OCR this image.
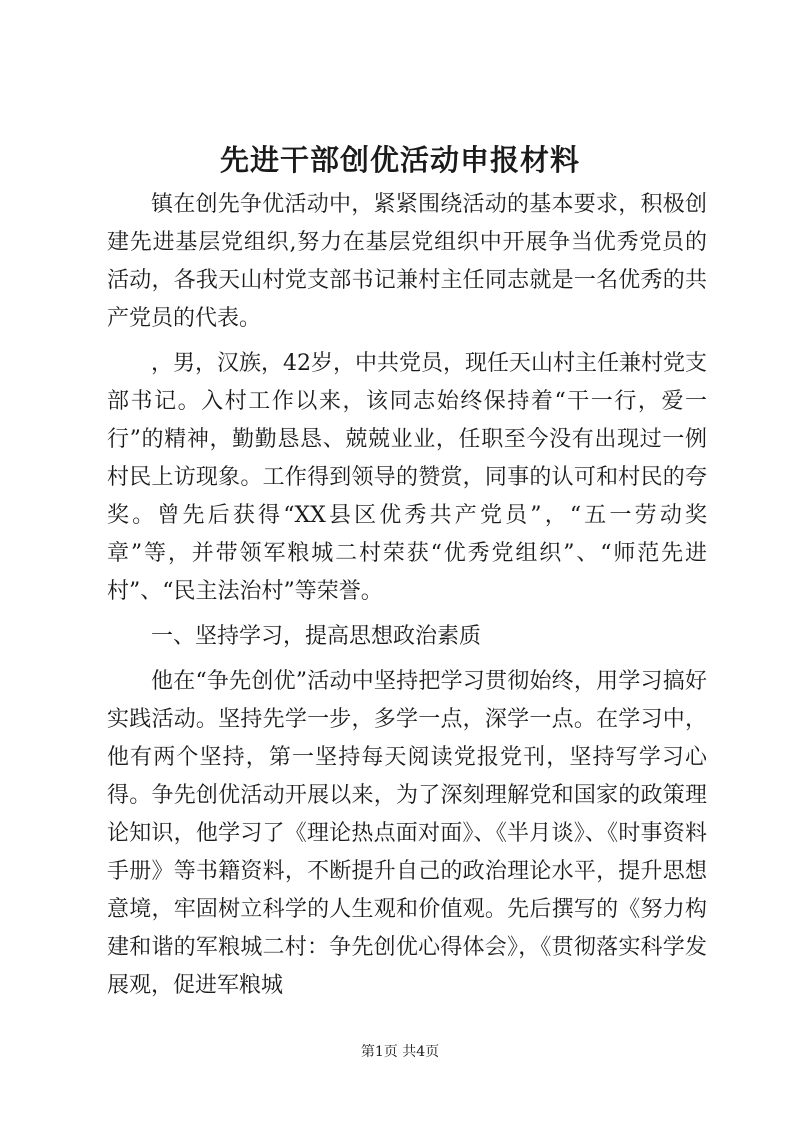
先进干部创优活动申报材料

镇在创先争优活动中，紧紧围绕活动的基本要求，积极创建先进基层党组织,努力在基层党组织中开展争当优秀党员的活动，各我天山村党支部书记兼村主任同志就是一名优秀的共产党员的代表。

，男，汉族，42岁，中共党员，现任天山村主任兼村党支部书记。入村工作以来，该同志始终保持着“干一行，爱一行”的精神，勤勤恳恳、兢兢业业，任职至今没有出现过一例村民上访现象。工作得到领导的赞赏，同事的认可和村民的夸奖。曾先后获得“XX县区优秀共产党员”，“五一劳动奖章”等，并带领军粮城二村荣获“优秀党组织”、“师范先进村”、“民主法治村”等荣誉。

一、坚持学习，提高思想政治素质

他在“争先创优”活动中坚持把学习贯彻始终，用学习搞好实践活动。坚持先学一步，多学一点，深学一点。在学习中，他有两个坚持，第一坚持每天阅读党报党刊，坚持写学习心得。争先创优活动开展以来，为了深刻理解党和国家的政策理论知识，他学习了《理论热点面对面》、《半月谈》、《时事资料手册》等书籍资料，不断提升自己的政治理论水平，提升思想意境，牢固树立科学的人生观和价值观。先后撰写的《努力构建和谐的军粮城二村：争先创优心得体会》，《贯彻落实科学发展观，促进军粮城

第1页 共4页
